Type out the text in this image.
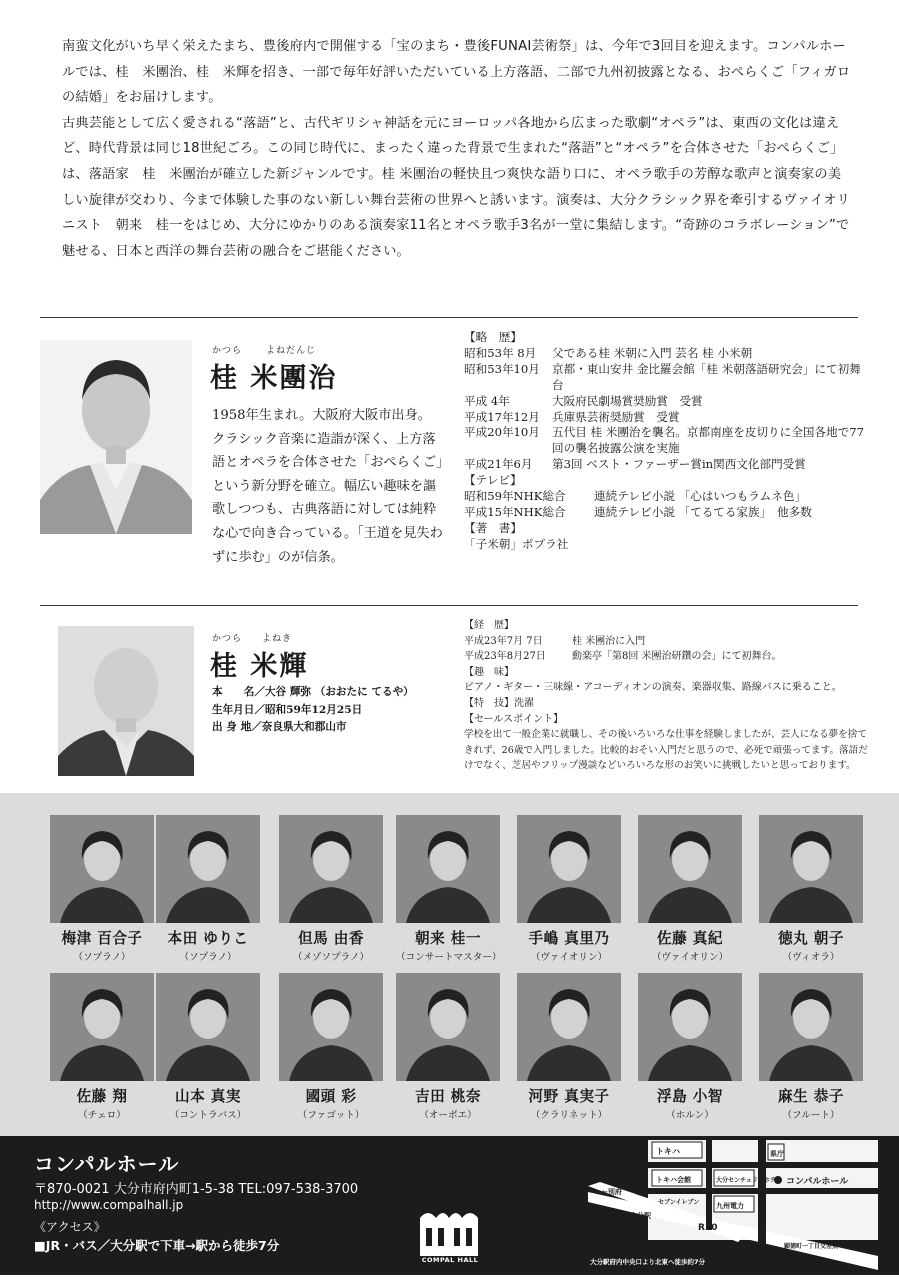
南蛮文化がいち早く栄えたまち、豊後府内で開催する「宝のまち・豊後FUNAI芸術祭」は、今年で3回目を迎えます。コンパルホールでは、桂　米團治、桂　米輝を招き、一部で毎年好評いただいている上方落語、二部で九州初披露となる、おぺらくご「フィガロの結婚」をお届けします。

古典芸能として広く愛される“落語”と、古代ギリシャ神話を元にヨーロッパ各地から広まった歌劇“オペラ”は、東西の文化は違えど、時代背景は同じ18世紀ごろ。この同じ時代に、まったく違った背景で生まれた“落語”と“オペラ”を合体させた「おぺらくご」は、落語家　桂　米團治が確立した新ジャンルです。桂 米團治の軽快且つ爽快な語り口に、オペラ歌手の芳醇な歌声と演奏家の美しい旋律が交わり、今まで体験した事のない新しい舞台芸術の世界へと誘います。演奏は、大分クラシック界を牽引するヴァイオリニスト　朝来　桂一をはじめ、大分にゆかりのある演奏家11名とオペラ歌手3名が一堂に集結します。“奇跡のコラボレーション”で魅せる、日本と西洋の舞台芸術の融合をご堪能ください。

かつら	よねだんじ
桂 米團治
1958年生まれ。大阪府大阪市出身。クラシック音楽に造詣が深く、上方落語とオペラを合体させた「おぺらくご」という新分野を確立。幅広い趣味を謳歌しつつも、古典落語に対しては純粋な心で向き合っている。「王道を見失わずに歩む」のが信条。
【略　歴】
昭和53年 8月	父である桂 米朝に入門 芸名 桂 小米朝
昭和53年10月	京都・東山安井 金比羅会館「桂 米朝落語研究会」にて初舞台
平成 4年	大阪府民劇場賞奨励賞　受賞
平成17年12月	兵庫県芸術奨励賞　受賞
平成20年10月	五代目 桂 米團治を襲名。京都南座を皮切りに全国各地で77回の襲名披露公演を実施
平成21年6月	第3回 ベスト・ファーザー賞in関西文化部門受賞
【テレビ】
昭和59年NHK総合	連続テレビ小説 「心はいつもラムネ色」
平成15年NHK総合	連続テレビ小説 「てるてる家族」　他多数
【著　書】
「子米朝」ポプラ社
かつら よねき
桂 米輝
本　　名／大谷 輝弥 （おおたに てるや）
生年月日／昭和59年12月25日
出 身 地／奈良県大和郡山市
【経　歴】
平成23年7月 7日	桂 米團治に入門
平成23年8月27日	動楽亭「第8回 米團治研鑽の会」にて初舞台。
【趣　味】
ピアノ・ギター・三味線・アコーディオンの演奏、楽器収集、路線バスに乗ること。
【特　技】洗濯
【セールスポイント】
学校を出て一般企業に就職し、その後いろいろな仕事を経験しましたが、芸人になる夢を捨てきれず、26歳で入門しました。比較的おそい入門だと思うので、必死で頑張ってます。落語だけでなく、芝居やフリップ漫談などいろいろな形のお笑いに挑戦したいと思っております。
梅津 百合子
（ソプラノ）
本田 ゆりこ
（ソプラノ）
但馬 由香
（メゾソプラノ）
朝来 桂一
（コンサートマスター）
手嶋 真里乃
（ヴァイオリン）
佐藤 真紀
（ヴァイオリン）
徳丸 朝子
（ヴィオラ）
佐藤 翔
（チェロ）
山本 真実
（コントラバス）
國頭 彩
（ファゴット）
吉田 桃奈
（オーボエ）
河野 真実子
（クラリネット）
浮島 小智
（ホルン）
麻生 恭子
（フルート）
コンパルホール
〒870-0021 大分市府内町1-5-38 TEL:097-538-3700
http://www.compalhall.jp
《アクセス》
■JR・バス／大分駅で下車→駅から徒歩7分
COMPAL HALL
トキハ
トキハ会館	大分センチュリーホテル
県庁
コンパルホール
←別府
JR大分駅
R10
セブンイレブン 九州電力
大分駅府内中央口より北東へ徒歩約7分
顕徳町一丁目交差点
